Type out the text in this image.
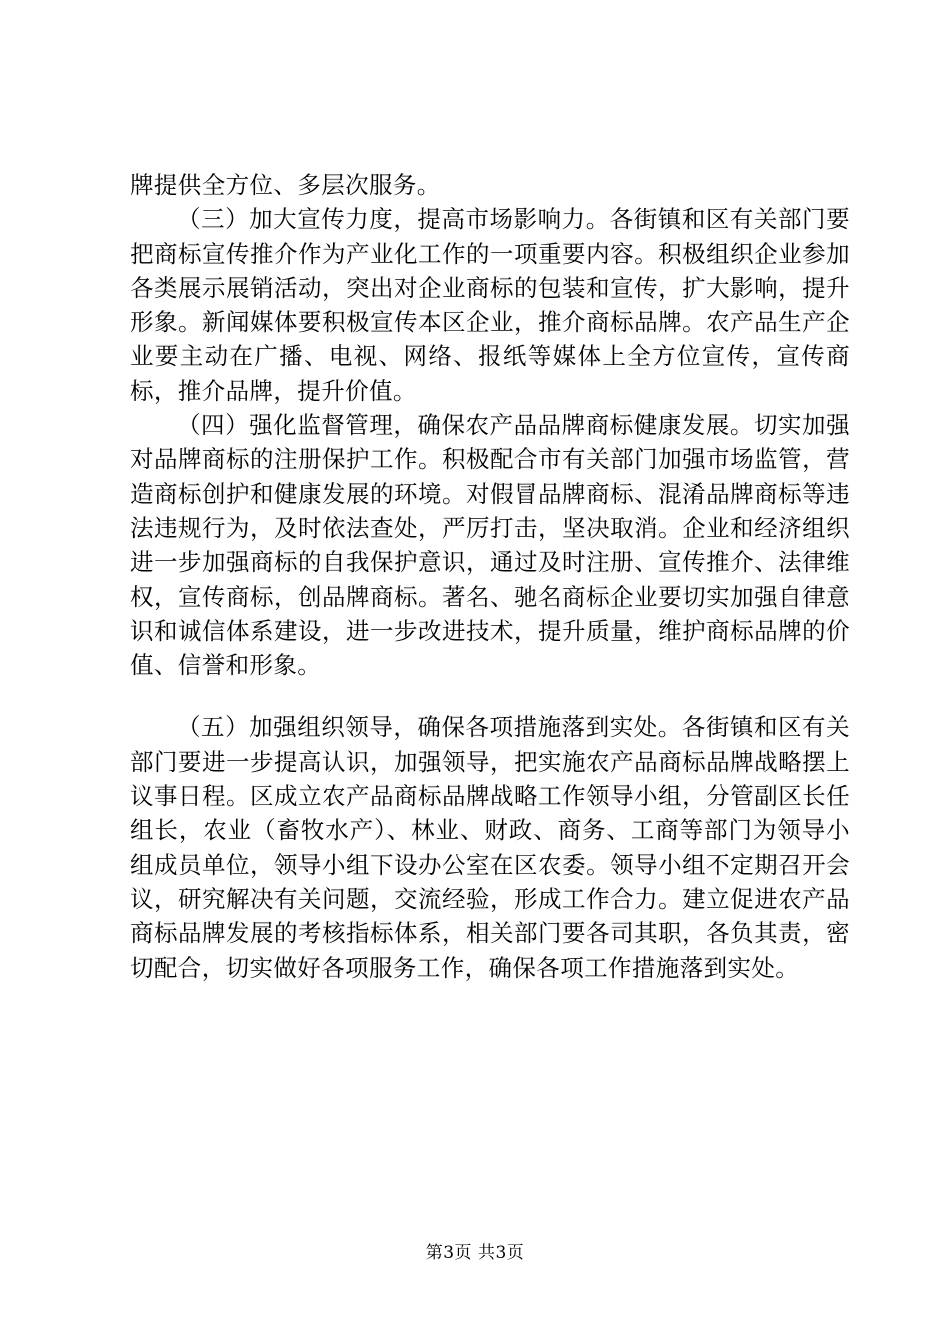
牌提供全方位、多层次服务。

（三）加大宣传力度，提高市场影响力。各街镇和区有关部门要把商标宣传推介作为产业化工作的一项重要内容。积极组织企业参加各类展示展销活动，突出对企业商标的包装和宣传，扩大影响，提升形象。新闻媒体要积极宣传本区企业，推介商标品牌。农产品生产企业要主动在广播、电视、网络、报纸等媒体上全方位宣传，宣传商标，推介品牌，提升价值。

（四）强化监督管理，确保农产品品牌商标健康发展。切实加强对品牌商标的注册保护工作。积极配合市有关部门加强市场监管，营造商标创护和健康发展的环境。对假冒品牌商标、混淆品牌商标等违法违规行为，及时依法查处，严厉打击，坚决取消。企业和经济组织进一步加强商标的自我保护意识，通过及时注册、宣传推介、法律维权，宣传商标，创品牌商标。著名、驰名商标企业要切实加强自律意识和诚信体系建设，进一步改进技术，提升质量，维护商标品牌的价值、信誉和形象。

（五）加强组织领导，确保各项措施落到实处。各街镇和区有关部门要进一步提高认识，加强领导，把实施农产品商标品牌战略摆上议事日程。区成立农产品商标品牌战略工作领导小组，分管副区长任组长，农业（畜牧水产）、林业、财政、商务、工商等部门为领导小组成员单位，领导小组下设办公室在区农委。领导小组不定期召开会议，研究解决有关问题，交流经验，形成工作合力。建立促进农产品商标品牌发展的考核指标体系，相关部门要各司其职，各负其责，密切配合，切实做好各项服务工作，确保各项工作措施落到实处。

第3页 共3页
